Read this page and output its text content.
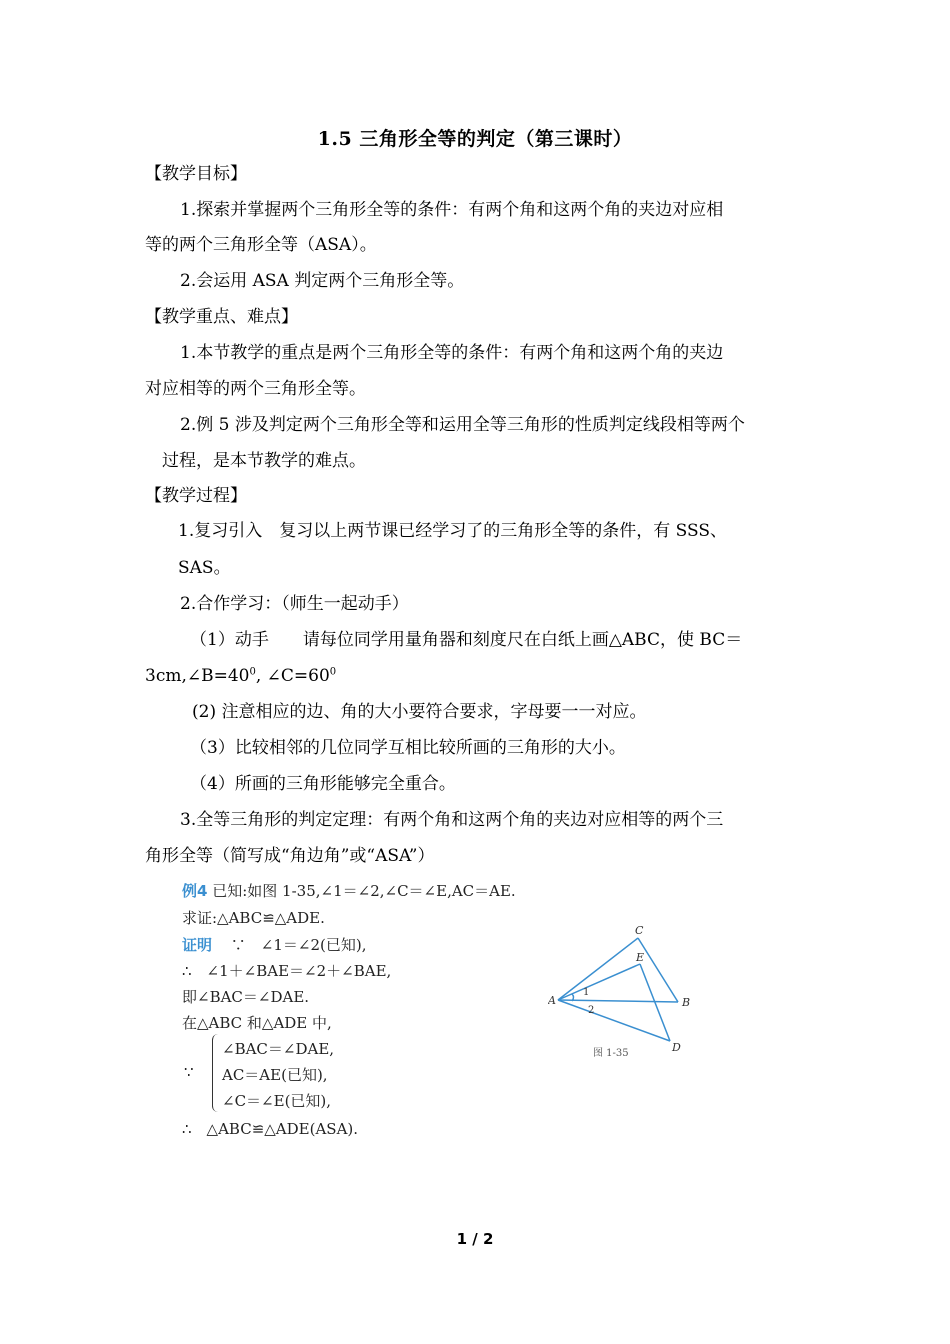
1.5 三角形全等的判定（第三课时）
【教学目标】
1.探索并掌握两个三角形全等的条件：有两个角和这两个角的夹边对应相
等的两个三角形全等（ASA）。
2.会运用 ASA 判定两个三角形全等。
【教学重点、难点】
1.本节教学的重点是两个三角形全等的条件：有两个角和这两个角的夹边
对应相等的两个三角形全等。
2.例 5 涉及判定两个三角形全等和运用全等三角形的性质判定线段相等两个
过程，是本节教学的难点。
【教学过程】
1.复习引入　复习以上两节课已经学习了的三角形全等的条件，有 SSS、
SAS。
2.合作学习：（师生一起动手）
（1）动手　　请每位同学用量角器和刻度尺在白纸上画△ABC，使 BC＝
$3cm,\angle B=40^0$, $\angle C=60^0$
(2) 注意相应的边、角的大小要符合要求，字母要一一对应。
（3）比较相邻的几位同学互相比较所画的三角形的大小。
（4）所画的三角形能够完全重合。
3.全等三角形的判定定理：有两个角和这两个角的夹边对应相等的两个三
角形全等（简写成“角边角”或“ASA”）
例4 已知:如图 1-35,∠1＝∠2,∠C＝∠E,AC＝AE.
求证:△ABC≌△ADE.
证明 ∵　∠1＝∠2(已知),
∴　∠1＋∠BAE＝∠2＋∠BAE,
即∠BAC＝∠DAE.
在△ABC 和△ADE 中,
∵
∠BAC＝∠DAE,
AC＝AE(已知),
∠C＝∠E(已知),
∴　△ABC≌△ADE(ASA).
A	B
C
D
E
1
2
图 1-35
1 / 2
